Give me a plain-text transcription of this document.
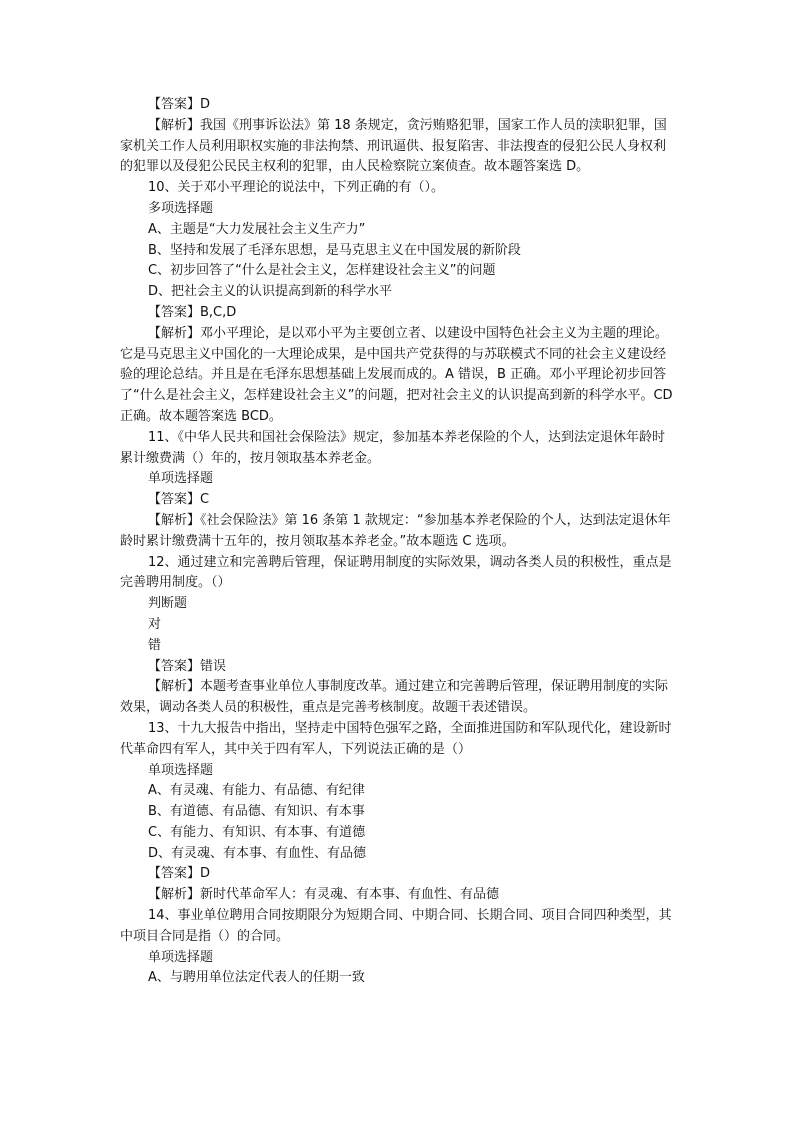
【答案】D

【解析】我国《刑事诉讼法》第 18 条规定，贪污贿赂犯罪，国家工作人员的渎职犯罪，国家机关工作人员利用职权实施的非法拘禁、刑讯逼供、报复陷害、非法搜查的侵犯公民人身权利的犯罪以及侵犯公民民主权利的犯罪，由人民检察院立案侦查。故本题答案选 D。

10、关于邓小平理论的说法中，下列正确的有（）。

多项选择题

A、主题是“大力发展社会主义生产力”

B、坚持和发展了毛泽东思想，是马克思主义在中国发展的新阶段

C、初步回答了“什么是社会主义，怎样建设社会主义”的问题

D、把社会主义的认识提高到新的科学水平

【答案】B,C,D

【解析】邓小平理论，是以邓小平为主要创立者、以建设中国特色社会主义为主题的理论。它是马克思主义中国化的一大理论成果，是中国共产党获得的与苏联模式不同的社会主义建设经验的理论总结。并且是在毛泽东思想基础上发展而成的。A 错误，B 正确。邓小平理论初步回答了“什么是社会主义，怎样建设社会主义”的问题，把对社会主义的认识提高到新的科学水平。CD 正确。故本题答案选 BCD。

11、《中华人民共和国社会保险法》规定，参加基本养老保险的个人，达到法定退休年龄时累计缴费满（）年的，按月领取基本养老金。

单项选择题

【答案】C

【解析】《社会保险法》第 16 条第 1 款规定：“参加基本养老保险的个人，达到法定退休年龄时累计缴费满十五年的，按月领取基本养老金。”故本题选 C 选项。

12、通过建立和完善聘后管理，保证聘用制度的实际效果，调动各类人员的积极性，重点是完善聘用制度。（）

判断题

对

错

【答案】错误

【解析】本题考查事业单位人事制度改革。通过建立和完善聘后管理，保证聘用制度的实际效果，调动各类人员的积极性，重点是完善考核制度。故题干表述错误。

13、十九大报告中指出，坚持走中国特色强军之路，全面推进国防和军队现代化，建设新时代革命四有军人，其中关于四有军人，下列说法正确的是（）

单项选择题

A、有灵魂、有能力、有品德、有纪律

B、有道德、有品德、有知识、有本事

C、有能力、有知识、有本事、有道德

D、有灵魂、有本事、有血性、有品德

【答案】D

【解析】新时代革命军人：有灵魂、有本事、有血性、有品德

14、事业单位聘用合同按期限分为短期合同、中期合同、长期合同、项目合同四种类型，其中项目合同是指（）的合同。

单项选择题

A、与聘用单位法定代表人的任期一致
